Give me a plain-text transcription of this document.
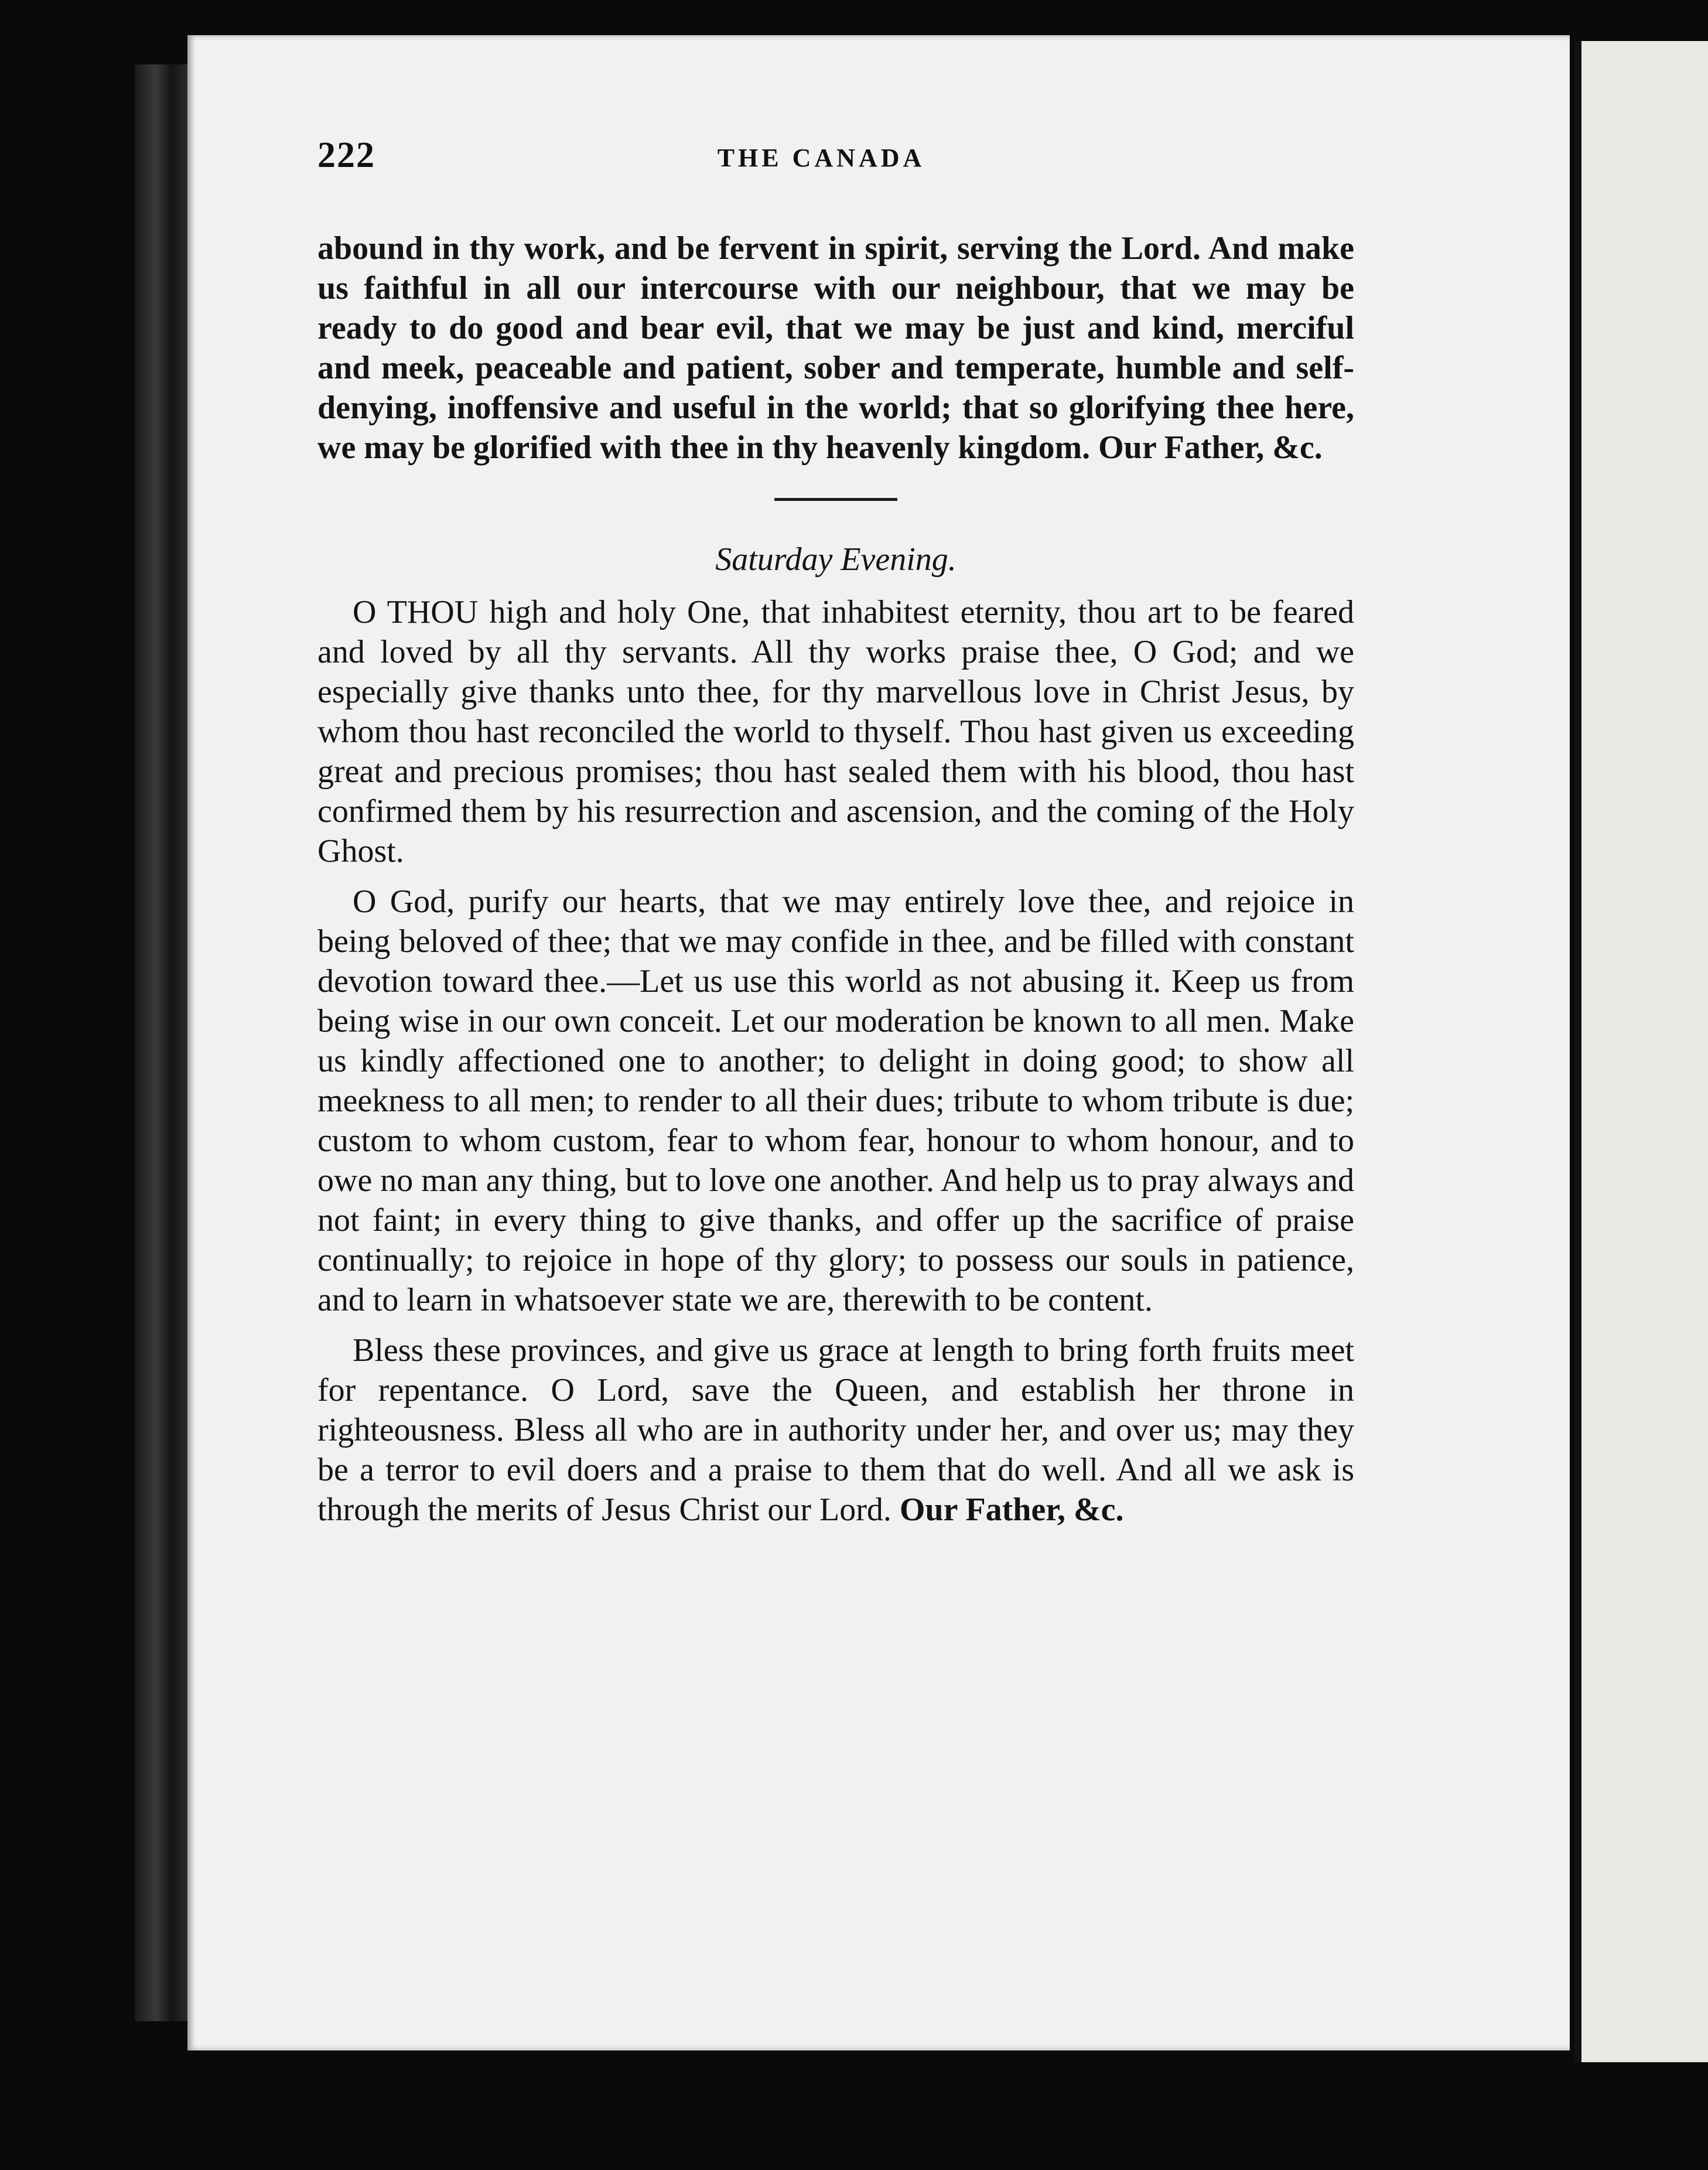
222	THE CANADA

abound in thy work, and be fervent in spirit, serving the Lord. And make us faithful in all our intercourse with our neighbour, that we may be ready to do good and bear evil, that we may be just and kind, merciful and meek, peaceable and patient, sober and temperate, humble and self-denying, inoffensive and useful in the world; that so glorifying thee here, we may be glorified with thee in thy heavenly kingdom. Our Father, &c.

Saturday Evening.

O THOU high and holy One, that inhabitest eternity, thou art to be feared and loved by all thy servants. All thy works praise thee, O God; and we especially give thanks unto thee, for thy marvellous love in Christ Jesus, by whom thou hast reconciled the world to thyself. Thou hast given us exceeding great and precious promises; thou hast sealed them with his blood, thou hast confirmed them by his resurrection and ascension, and the coming of the Holy Ghost.

O God, purify our hearts, that we may entirely love thee, and rejoice in being beloved of thee; that we may confide in thee, and be filled with constant devotion toward thee.—Let us use this world as not abusing it. Keep us from being wise in our own conceit. Let our moderation be known to all men. Make us kindly affectioned one to another; to delight in doing good; to show all meekness to all men; to render to all their dues; tribute to whom tribute is due; custom to whom custom, fear to whom fear, honour to whom honour, and to owe no man any thing, but to love one another. And help us to pray always and not faint; in every thing to give thanks, and offer up the sacrifice of praise continually; to rejoice in hope of thy glory; to possess our souls in patience, and to learn in whatsoever state we are, therewith to be content.

Bless these provinces, and give us grace at length to bring forth fruits meet for repentance. O Lord, save the Queen, and establish her throne in righteousness. Bless all who are in authority under her, and over us; may they be a terror to evil doers and a praise to them that do well. And all we ask is through the merits of Jesus Christ our Lord. Our Father, &c.
